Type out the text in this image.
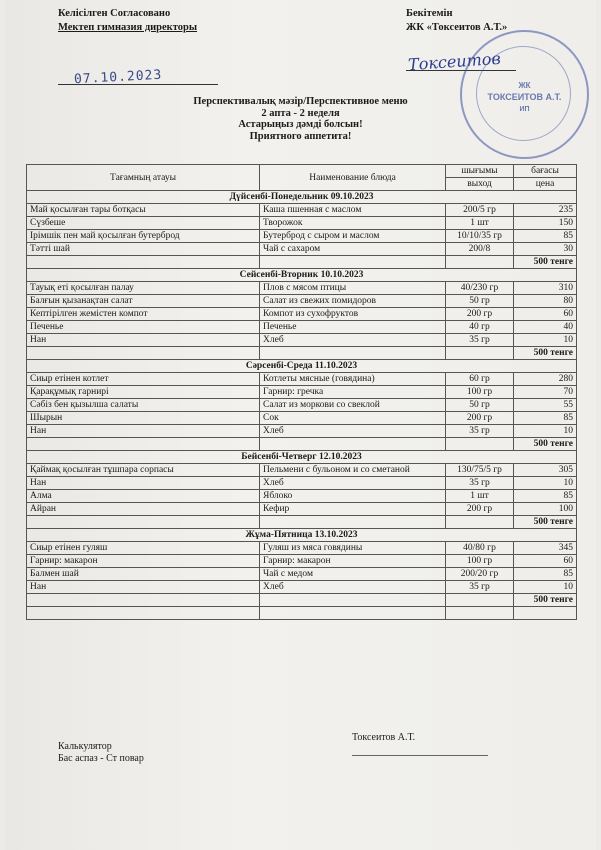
Келісілген Согласовано
Мектеп гимназия директоры
07.10.2023
Бекітемін
ЖК «Токсеитов А.Т.»
Токсеитов
ЖК
ТОКСЕИТОВ А.Т.
ИП
Перспективалық мәзір/Перспективное меню
2 апта - 2 неделя
Астарыңыз дәмді болсын!
Приятного аппетита!
Тағамның атауы	Наименование блюда	шығымы	бағасы
		выход	цена
Дүйсенбі-Понедельник 09.10.2023			
Май қосылған тары ботқасы	Каша пшенная с маслом	200/5 гр	235
Сүзбеше	Творожок	1 шт	150
Ірімшік пен май қосылған бутерброд	Бутерброд с сыром и маслом	10/10/35 гр	85
Тәтті шай	Чай с сахаром	200/8	30
			500 тенге
Сейсенбі-Вторник 10.10.2023			
Тауық еті қосылған палау	Плов с мясом птицы	40/230 гр	310
Балғын қызанақтан салат	Салат из свежих помидоров	50 гр	80
Кептірілген жемістен компот	Компот из сухофруктов	200 гр	60
Печенье	Печенье	40 гр	40
Нан	Хлеб	35 гр	10
			500 тенге
Сәрсенбі-Среда 11.10.2023			
Сиыр етінен котлет	Котлеты мясные (говядина)	60 гр	280
Қарақұмық гарнирі	Гарнир: гречка	100 гр	70
Сәбіз бен қызылша салаты	Салат из моркови со свеклой	50 гр	55
Шырын	Сок	200 гр	85
Нан	Хлеб	35 гр	10
			500 тенге
Бейсенбі-Четверг 12.10.2023			
Қаймақ қосылған тұшпара сорпасы	Пельмени с бульоном и со сметаной	130/75/5 гр	305
Нан	Хлеб	35 гр	10
Алма	Яблоко	1 шт	85
Айран	Кефир	200 гр	100
			500 тенге
Жұма-Пятница 13.10.2023			
Сиыр етінен гуляш	Гуляш из мяса говядины	40/80 гр	345
Гарнир: макарон	Гарнир: макарон	100 гр	60
Балмен шай	Чай с медом	200/20 гр	85
Нан	Хлеб	35 гр	10
			500 тенге

Калькулятор
Бас аспаз - Ст повар
Токсеитов А.Т.
